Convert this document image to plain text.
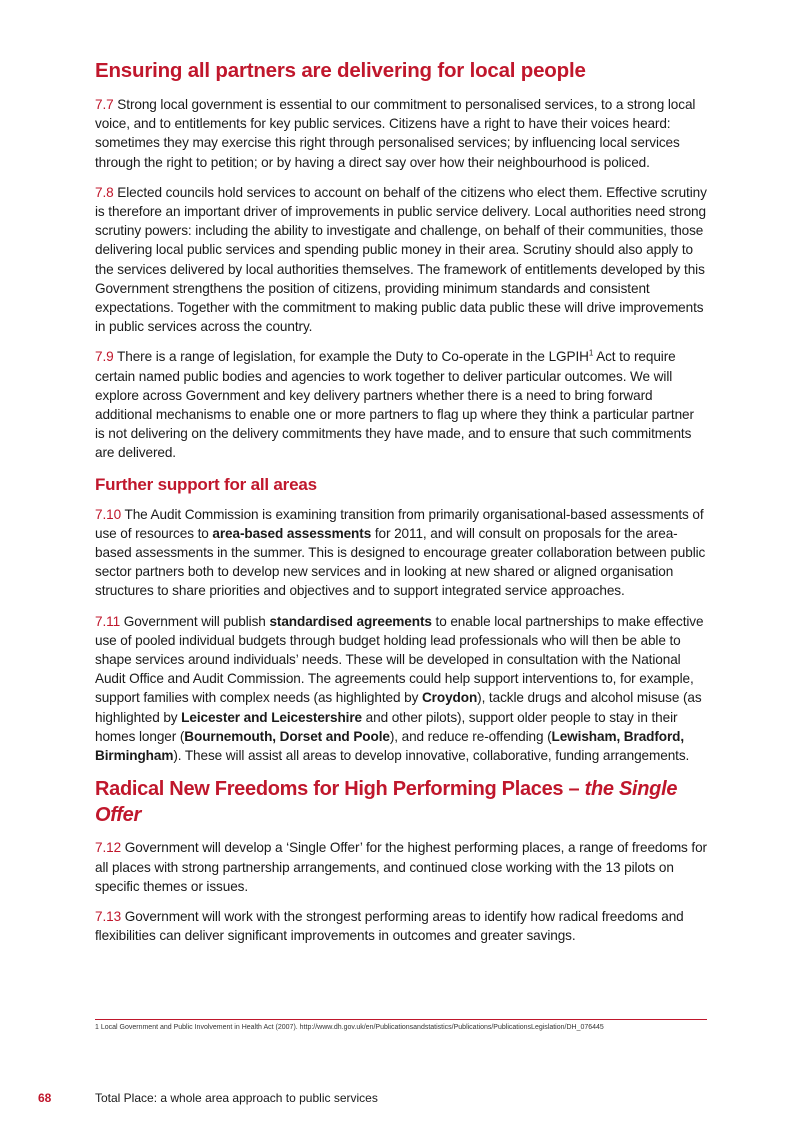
Ensuring all partners are delivering for local people

7.7 Strong local government is essential to our commitment to personalised services, to a strong local voice, and to entitlements for key public services. Citizens have a right to have their voices heard: sometimes they may exercise this right through personalised services; by influencing local services through the right to petition; or by having a direct say over how their neighbourhood is policed.

7.8 Elected councils hold services to account on behalf of the citizens who elect them. Effective scrutiny is therefore an important driver of improvements in public service delivery. Local authorities need strong scrutiny powers: including the ability to investigate and challenge, on behalf of their communities, those delivering local public services and spending public money in their area. Scrutiny should also apply to the services delivered by local authorities themselves. The framework of entitlements developed by this Government strengthens the position of citizens, providing minimum standards and consistent expectations. Together with the commitment to making public data public these will drive improvements in public services across the country.

7.9 There is a range of legislation, for example the Duty to Co-operate in the LGPIH$^1$ Act to require certain named public bodies and agencies to work together to deliver particular outcomes. We will explore across Government and key delivery partners whether there is a need to bring forward additional mechanisms to enable one or more partners to flag up where they think a particular partner is not delivering on the delivery commitments they have made, and to ensure that such commitments are delivered.

Further support for all areas

7.10 The Audit Commission is examining transition from primarily organisational-based assessments of use of resources to area-based assessments for 2011, and will consult on proposals for the area-based assessments in the summer. This is designed to encourage greater collaboration between public sector partners both to develop new services and in looking at new shared or aligned organisation structures to share priorities and objectives and to support integrated service approaches.

7.11 Government will publish standardised agreements to enable local partnerships to make effective use of pooled individual budgets through budget holding lead professionals who will then be able to shape services around individuals’ needs. These will be developed in consultation with the National Audit Office and Audit Commission. The agreements could help support interventions to, for example, support families with complex needs (as highlighted by Croydon), tackle drugs and alcohol misuse (as highlighted by Leicester and Leicestershire and other pilots), support older people to stay in their homes longer (Bournemouth, Dorset and Poole), and reduce re-offending (Lewisham, Bradford, Birmingham). These will assist all areas to develop innovative, collaborative, funding arrangements.

Radical New Freedoms for High Performing Places – the Single Offer

7.12 Government will develop a ‘Single Offer’ for the highest performing places, a range of freedoms for all places with strong partnership arrangements, and continued close working with the 13 pilots on specific themes or issues.

7.13 Government will work with the strongest performing areas to identify how radical freedoms and flexibilities can deliver significant improvements in outcomes and greater savings.

1 Local Government and Public Involvement in Health Act (2007). http://www.dh.gov.uk/en/Publicationsandstatistics/Publications/PublicationsLegislation/DH_076445
68	Total Place: a whole area approach to public services
